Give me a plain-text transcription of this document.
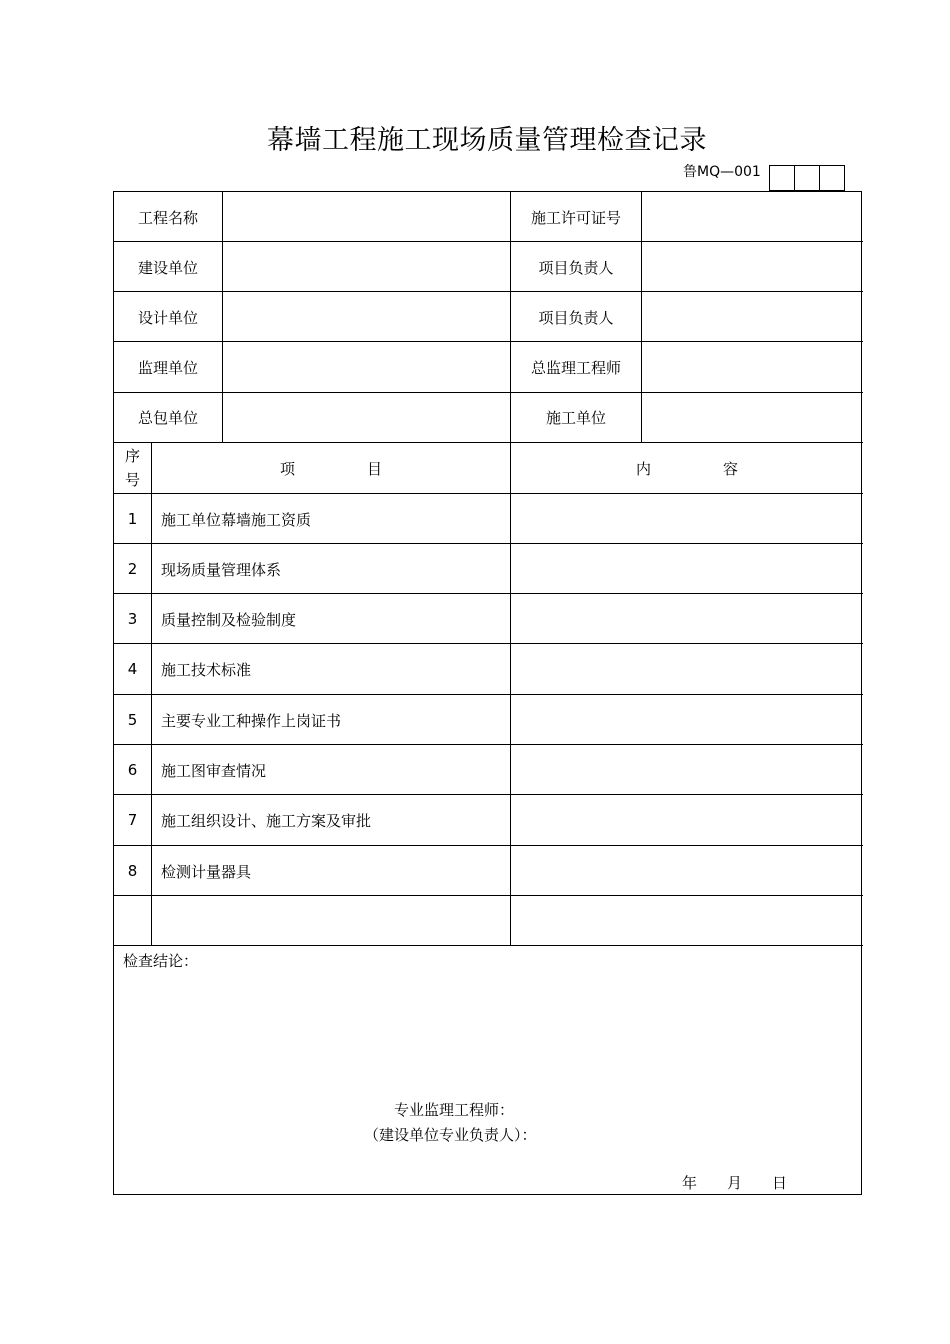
幕墙工程施工现场质量管理检查记录
鲁MQ—001
工程名称	施工许可证号
建设单位	项目负责人
设计单位	项目负责人
监理单位	总监理工程师
总包单位	施工单位
序
号
项目	内容
1	施工单位幕墙施工资质
2	现场质量管理体系
3	质量控制及检验制度
4	施工技术标准
5	主要专业工种操作上岗证书
6	施工图审查情况
7	施工组织设计、施工方案及审批
8	检测计量器具
检查结论：
专业监理工程师：
（建设单位专业负责人）：
年 月 日
